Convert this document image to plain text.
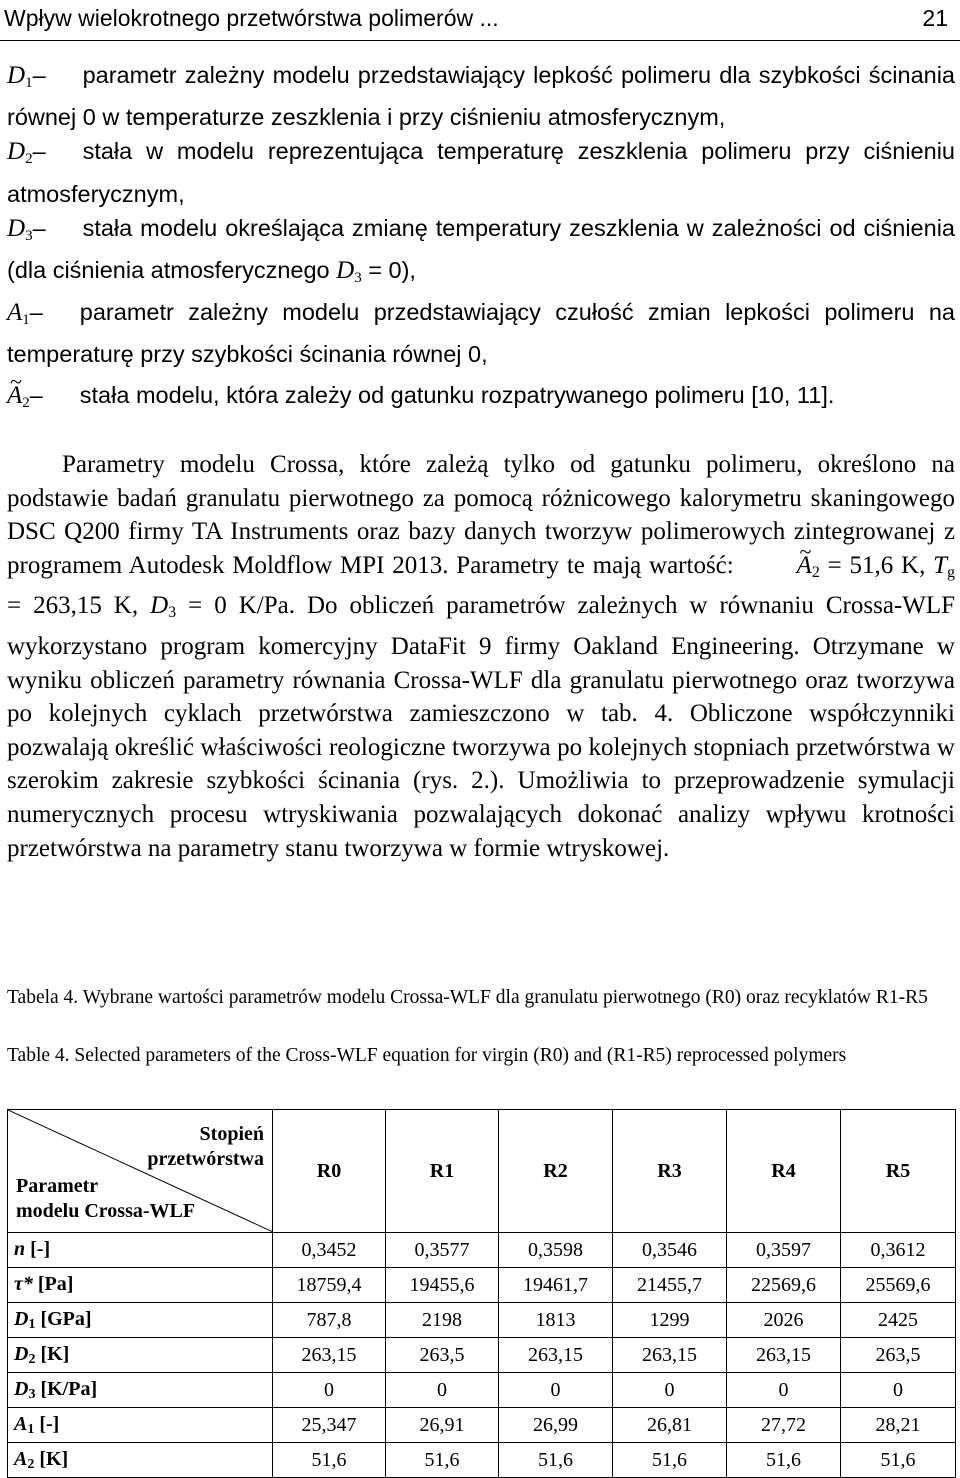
Wpływ wielokrotnego przetwórstwa polimerów ...	21
$D_1-$ parametr zależny modelu przedstawiający lepkość polimeru dla szybkości ścinania równej 0 w temperaturze zeszklenia i przy ciśnieniu atmosferycznym,
$D_2-$ stała w modelu reprezentująca temperaturę zeszklenia polimeru przy ciśnieniu atmosferycznym,
$D_3-$ stała modelu określająca zmianę temperatury zeszklenia w zależności od ciśnienia (dla ciśnienia atmosferycznego $D_3 = 0$),
$A_1-$ parametr zależny modelu przedstawiający czułość zmian lepkości polimeru na temperaturę przy szybkości ścinania równej 0,
~ $A_2-$ stała modelu, która zależy od gatunku rozpatrywanego polimeru [10, 11].
Parametry modelu Crossa, które zależą tylko od gatunku polimeru, określono na podstawie badań granulatu pierwotnego za pomocą różnicowego kalorymetru skaningowego DSC Q200 firmy TA Instruments oraz bazy danych tworzyw polimerowych zintegrowanej z programem Autodesk Moldflow MPI 2013. Parametry te mają wartość:	~ A2 = 51,6 K, Tg = 263,15 K, D3 = 0 K/Pa. Do obliczeń parametrów zależnych w równaniu Crossa-WLF wykorzystano program komercyjny DataFit 9 firmy Oakland Engineering. Otrzymane w wyniku obliczeń parametry równania Crossa-WLF dla granulatu pierwotnego oraz tworzywa po kolejnych cyklach przetwórstwa zamieszczono w tab. 4. Obliczone współczynniki pozwalają określić właściwości reologiczne tworzywa po kolejnych stopniach przetwórstwa w szerokim zakresie szybkości ścinania (rys. 2.). Umożliwia to przeprowadzenie symulacji numerycznych procesu wtryskiwania pozwalających dokonać analizy wpływu krotności przetwórstwa na parametry stanu tworzywa w formie wtryskowej.
Tabela 4. Wybrane wartości parametrów modelu Crossa-WLF dla granulatu pierwotnego (R0) oraz recyklatów R1-R5
Table 4. Selected parameters of the Cross-WLF equation for virgin (R0) and (R1-R5) reprocessed polymers
Stopień
przetwórstwa
Parametr
modelu Crossa-WLF	R0	R1	R2	R3	R4	R5
n [-]	0,3452	0,3577	0,3598	0,3546	0,3597	0,3612
τ* [Pa]	18759,4	19455,6	19461,7	21455,7	22569,6	25569,6
D1 [GPa]	787,8	2198	1813	1299	2026	2425
D2 [K]	263,15	263,5	263,15	263,15	263,15	263,5
D3 [K/Pa]	0	0	0	0	0	0
A1 [-]	25,347	26,91	26,99	26,81	27,72	28,21
A2 [K]	51,6	51,6	51,6	51,6	51,6	51,6
